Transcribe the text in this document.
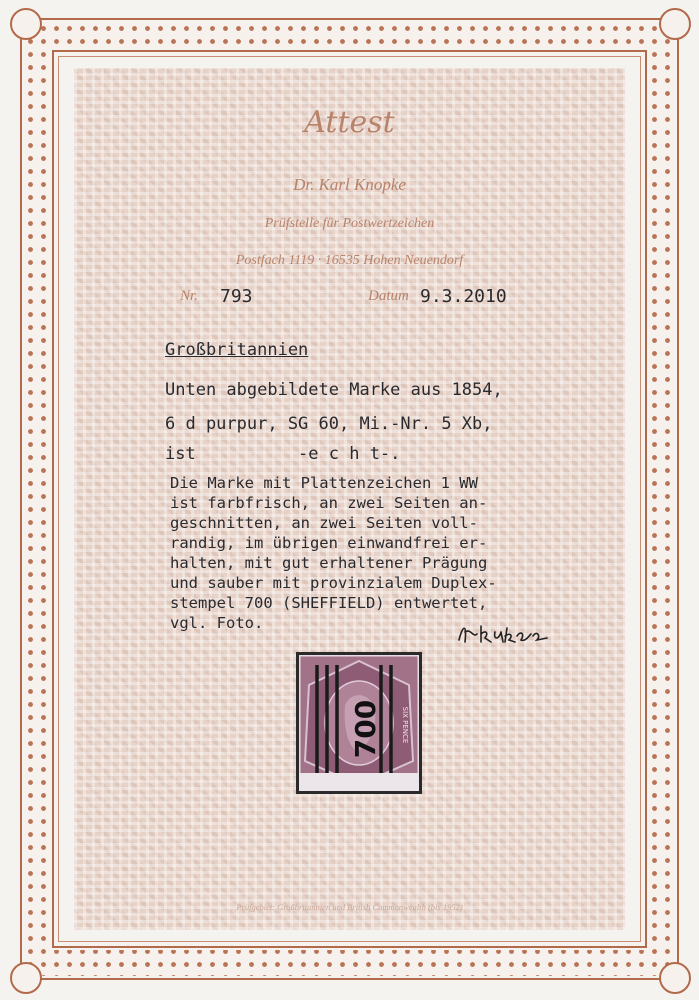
Attest
Dr. Karl Knopke
Prüfstelle für Postwertzeichen
Postfach 1119 · 16535 Hohen Neuendorf
Nr. 793	Datum 9.3.2010
Großbritannien
Unten abgebildete Marke aus 1854,
6 d purpur, SG 60, Mi.-Nr. 5 Xb,
ist          -e c h t-.
Die Marke mit Plattenzeichen 1 WW
ist farbfrisch, an zwei Seiten an-
geschnitten, an zwei Seiten voll-
randig, im übrigen einwandfrei er-
halten, mit gut erhaltener Prägung
und sauber mit provinzialem Duplex-
stempel 700 (SHEFFIELD) entwertet,
vgl. Foto.
700	SIX PENCE
Prüfgebiet: Großbritannien und British Commonwealth (bis 1952)
